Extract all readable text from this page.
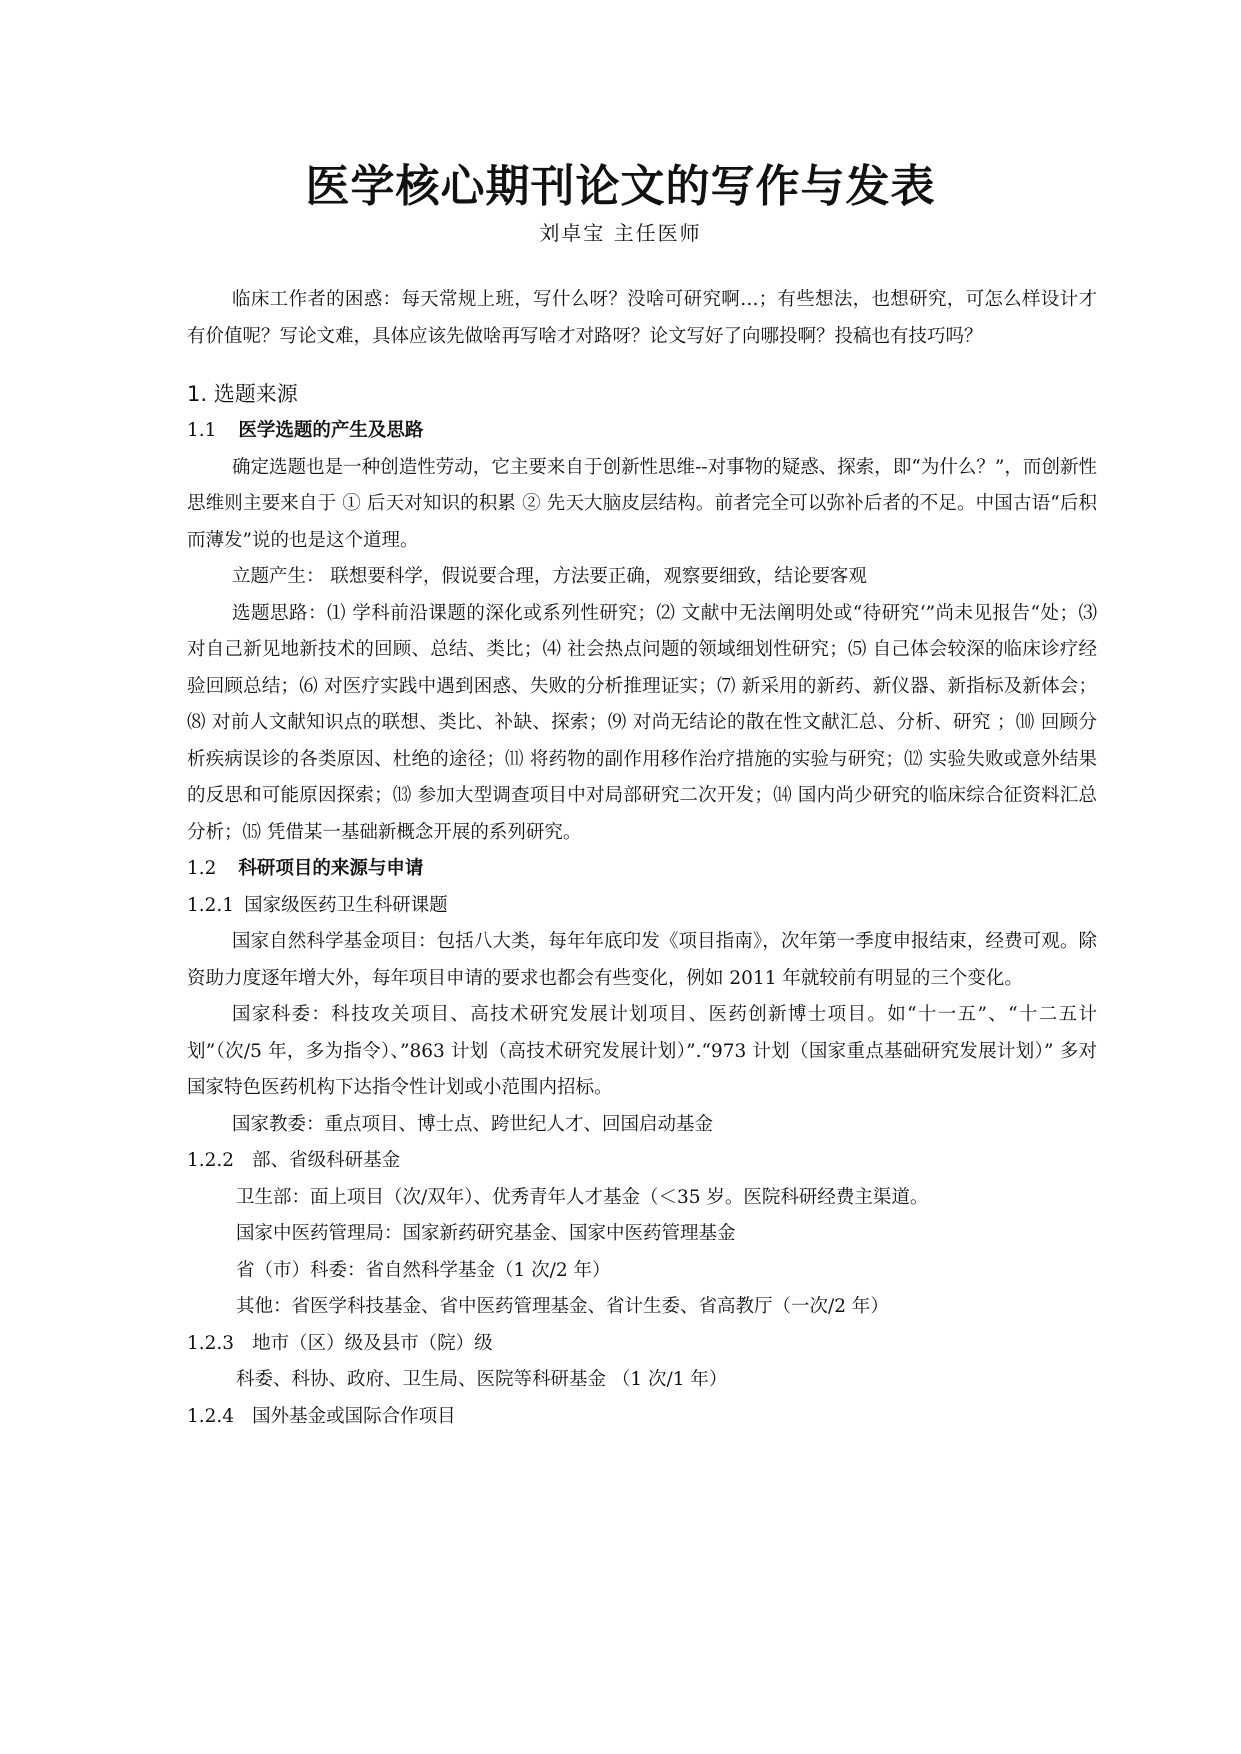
医学核心期刊论文的写作与发表
刘卓宝 主任医师

临床工作者的困惑：每天常规上班，写什么呀？没啥可研究啊…；有些想法，也想研究，可怎么样设计才有价值呢？写论文难，具体应该先做啥再写啥才对路呀？论文写好了向哪投啊？投稿也有技巧吗？

1. 选题来源
1.1 医学选题的产生及思路

确定选题也是一种创造性劳动，它主要来自于创新性思维--对事物的疑惑、探索，即“为什么？”，而创新性思维则主要来自于 ① 后天对知识的积累 ② 先天大脑皮层结构。前者完全可以弥补后者的不足。中国古语“后积而薄发”说的也是这个道理。

立题产生： 联想要科学，假说要合理，方法要正确，观察要细致，结论要客观

选题思路：⑴ 学科前沿课题的深化或系列性研究；⑵ 文献中无法阐明处或“待研究‘”尚未见报告“处；⑶ 对自己新见地新技术的回顾、总结、类比；⑷ 社会热点问题的领域细划性研究；⑸ 自己体会较深的临床诊疗经验回顾总结；⑹ 对医疗实践中遇到困惑、失败的分析推理证实；⑺ 新采用的新药、新仪器、新指标及新体会；⑻ 对前人文献知识点的联想、类比、补缺、探索；⑼ 对尚无结论的散在性文献汇总、分析、研究 ；⑽ 回顾分析疾病误诊的各类原因、杜绝的途径；⑾ 将药物的副作用移作治疗措施的实验与研究；⑿ 实验失败或意外结果的反思和可能原因探索；⒀ 参加大型调查项目中对局部研究二次开发；⒁ 国内尚少研究的临床综合征资料汇总分析；⒂ 凭借某一基础新概念开展的系列研究。

1.2 科研项目的来源与申请
1.2.1 国家级医药卫生科研课题

国家自然科学基金项目：包括八大类，每年年底印发《项目指南》，次年第一季度申报结束，经费可观。除资助力度逐年增大外，每年项目申请的要求也都会有些变化，例如 2011 年就较前有明显的三个变化。

国家科委：科技攻关项目、高技术研究发展计划项目、医药创新博士项目。如“十一五”、“十二五计划”（次/5 年，多为指令）、”863 计划（高技术研究发展计划）”.“973 计划（国家重点基础研究发展计划）” 多对国家特色医药机构下达指令性计划或小范围内招标。

国家教委：重点项目、博士点、跨世纪人才、回国启动基金

1.2.2 部、省级科研基金

卫生部：面上项目（次/双年）、优秀青年人才基金（＜35 岁。医院科研经费主渠道。

国家中医药管理局：国家新药研究基金、国家中医药管理基金

省（市）科委：省自然科学基金（1 次/2 年）

其他：省医学科技基金、省中医药管理基金、省计生委、省高教厅（一次/2 年）

1.2.3 地市（区）级及县市（院）级

科委、科协、政府、卫生局、医院等科研基金 （1 次/1 年）

1.2.4 国外基金或国际合作项目
